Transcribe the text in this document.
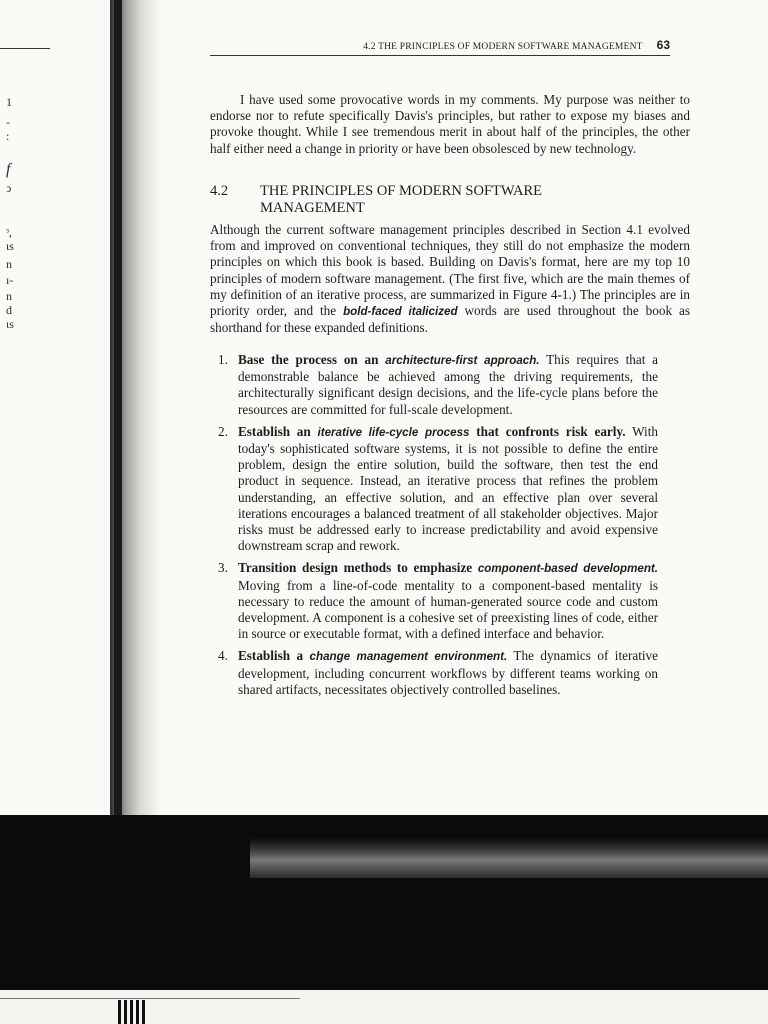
1
-
:
f
ↄ
ᵌ,
ɩs
n
ı-
n
d
ɩs
4.2 THE PRINCIPLES OF MODERN SOFTWARE MANAGEMENT 63

I have used some provocative words in my comments. My purpose was neither to endorse nor to refute specifically Davis's principles, but rather to expose my biases and provoke thought. While I see tremendous merit in about half of the principles, the other half either need a change in priority or have been obsolesced by new technology.

4.2	THE PRINCIPLES OF MODERN SOFTWARE MANAGEMENT

Although the current software management principles described in Section 4.1 evolved from and improved on conventional techniques, they still do not emphasize the modern principles on which this book is based. Building on Davis's format, here are my top 10 principles of modern software management. (The first five, which are the main themes of my definition of an iterative process, are summarized in Figure 4-1.) The principles are in priority order, and the bold-faced italicized words are used throughout the book as shorthand for these expanded definitions.

1. Base the process on an architecture-first approach. This requires that a demonstrable balance be achieved among the driving requirements, the architecturally significant design decisions, and the life-cycle plans before the resources are committed for full-scale development.
2. Establish an iterative life-cycle process that confronts risk early. With today's sophisticated software systems, it is not possible to define the entire problem, design the entire solution, build the software, then test the end product in sequence. Instead, an iterative process that refines the problem understanding, an effective solution, and an effective plan over several iterations encourages a balanced treatment of all stakeholder objectives. Major risks must be addressed early to increase predictability and avoid expensive downstream scrap and rework.
3. Transition design methods to emphasize component-based development. Moving from a line-of-code mentality to a component-based mentality is necessary to reduce the amount of human-generated source code and custom development. A component is a cohesive set of preexisting lines of code, either in source or executable format, with a defined interface and behavior.
4. Establish a change management environment. The dynamics of iterative development, including concurrent workflows by different teams working on shared artifacts, necessitates objectively controlled baselines.
